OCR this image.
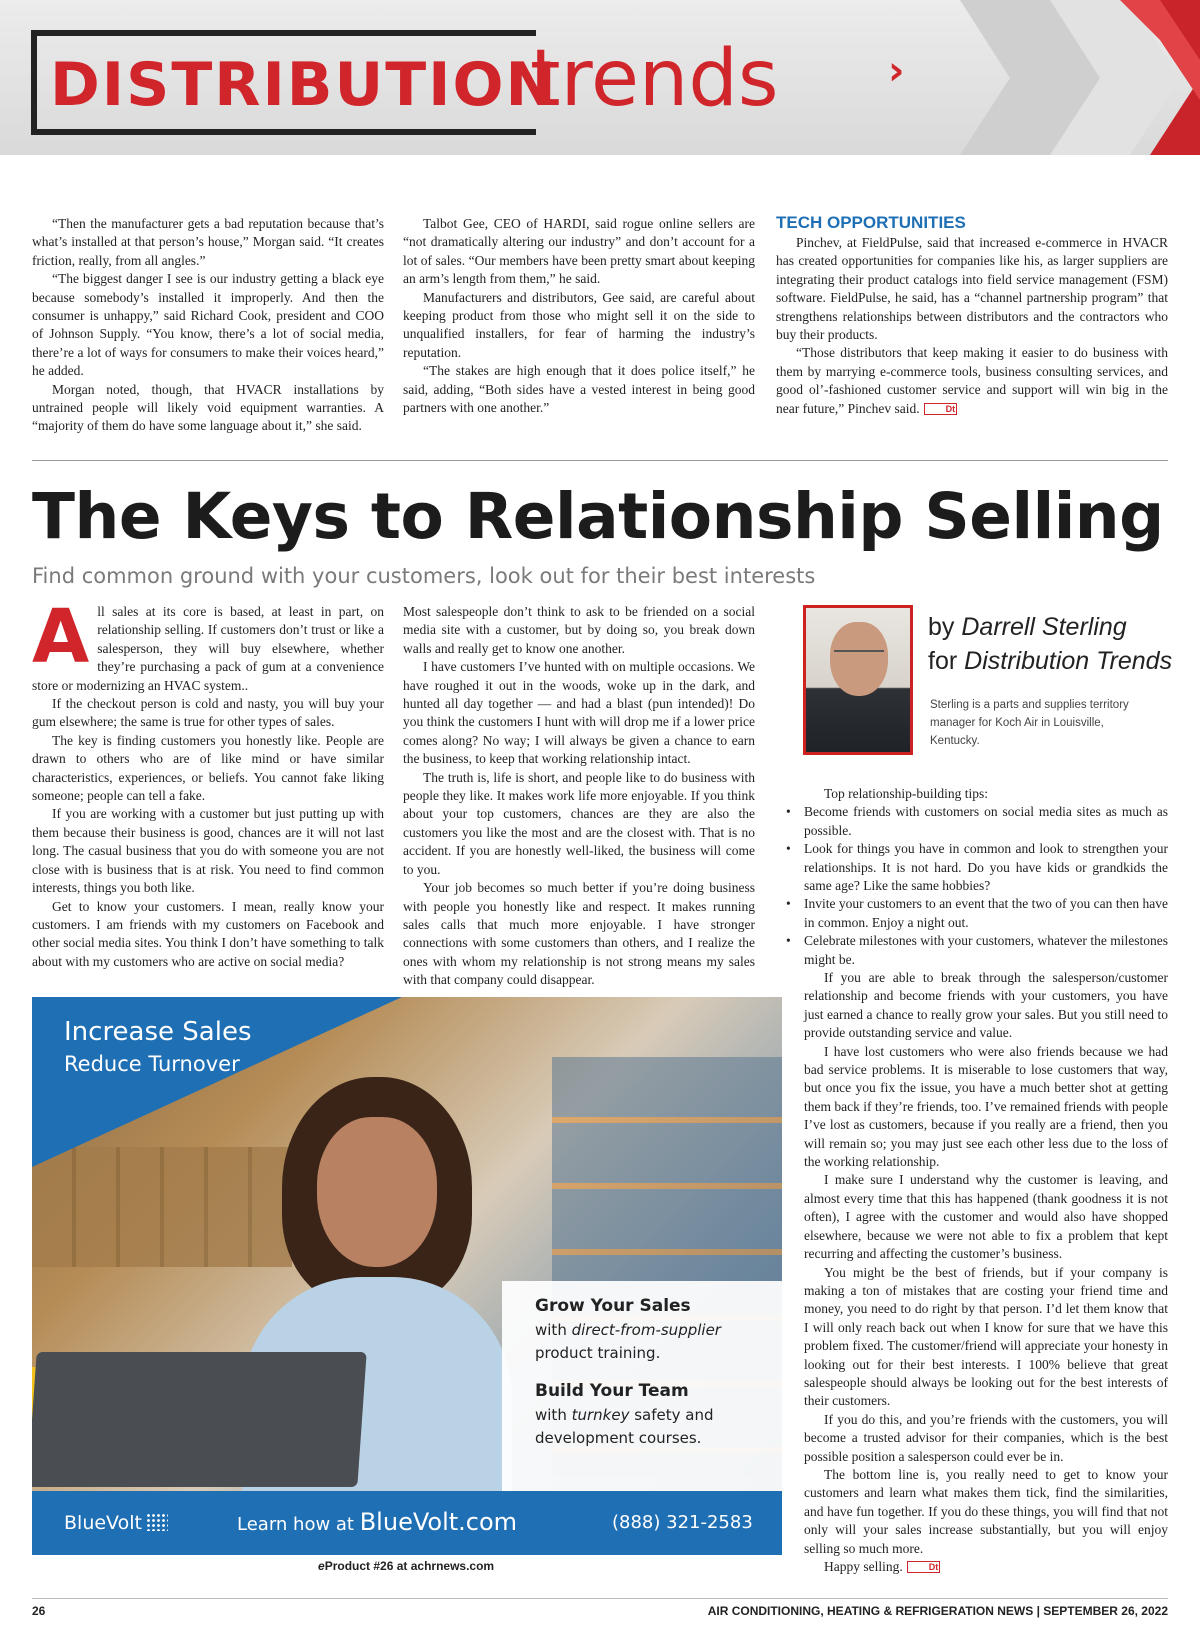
DISTRIBUTION
trends	›

“Then the manufacturer gets a bad reputation because that’s what’s installed at that person’s house,” Morgan said. “It creates friction, really, from all angles.”

“The biggest danger I see is our industry getting a black eye because somebody’s installed it improperly. And then the consumer is unhappy,” said Richard Cook, president and COO of Johnson Supply. “You know, there’s a lot of social media, there’re a lot of ways for consumers to make their voices heard,” he added.

Morgan noted, though, that HVACR installations by untrained people will likely void equipment warranties. A “majority of them do have some language about it,” she said.

Talbot Gee, CEO of HARDI, said rogue online sellers are “not dramatically altering our industry” and don’t account for a lot of sales. “Our members have been pretty smart about keeping an arm’s length from them,” he said.

Manufacturers and distributors, Gee said, are careful about keeping product from those who might sell it on the side to unqualified installers, for fear of harming the industry’s reputation.

“The stakes are high enough that it does police itself,” he said, adding, “Both sides have a vested interest in being good partners with one another.”

TECH OPPORTUNITIES

Pinchev, at FieldPulse, said that increased e-commerce in HVACR has created opportunities for companies like his, as larger suppliers are integrating their product catalogs into field service management (FSM) software. FieldPulse, he said, has a “channel partnership program” that strengthens relationships between distributors and the contractors who buy their products.

“Those distributors that keep making it easier to do business with them by marrying e-commerce tools, business consulting services, and good ol’-fashioned customer service and support will win big in the near future,” Pinchev said.	Dt

The Keys to Relationship Selling
Find common ground with your customers, look out for their best interests

All sales at its core is based, at least in part, on relationship selling. If customers don’t trust or like a salesperson, they will buy elsewhere, whether they’re purchasing a pack of gum at a convenience store or modernizing an HVAC system..

If the checkout person is cold and nasty, you will buy your gum elsewhere; the same is true for other types of sales.

The key is finding customers you honestly like. People are drawn to others who are of like mind or have similar characteristics, experiences, or beliefs. You cannot fake liking someone; people can tell a fake.

If you are working with a customer but just putting up with them because their business is good, chances are it will not last long. The casual business that you do with someone you are not close with is business that is at risk. You need to find common interests, things you both like.

Get to know your customers. I mean, really know your customers. I am friends with my customers on Facebook and other social media sites. You think I don’t have something to talk about with my customers who are active on social media?

Most salespeople don’t think to ask to be friended on a social media site with a customer, but by doing so, you break down walls and really get to know one another.

I have customers I’ve hunted with on multiple occasions. We have roughed it out in the woods, woke up in the dark, and hunted all day together — and had a blast (pun intended)! Do you think the customers I hunt with will drop me if a lower price comes along? No way; I will always be given a chance to earn the business, to keep that working relationship intact.

The truth is, life is short, and people like to do business with people they like. It makes work life more enjoyable. If you think about your top customers, chances are they are also the customers you like the most and are the closest with. That is no accident. If you are honestly well-liked, the business will come to you.

Your job becomes so much better if you’re doing business with people you honestly like and respect. It makes running sales calls that much more enjoyable. I have stronger connections with some customers than others, and I realize the ones with whom my relationship is not strong means my sales with that company could disappear.

by Darrell Sterling
for Distribution Trends
Sterling is a parts and supplies territory manager for Koch Air in Louisville, Kentucky.

Top relationship-building tips:

• Become friends with customers on social media sites as much as possible.
• Look for things you have in common and look to strengthen your relationships. It is not hard. Do you have kids or grandkids the same age? Like the same hobbies?
• Invite your customers to an event that the two of you can then have in common. Enjoy a night out.
• Celebrate milestones with your customers, whatever the milestones might be.

If you are able to break through the salesperson/customer relationship and become friends with your customers, you have just earned a chance to really grow your sales. But you still need to provide outstanding service and value.

I have lost customers who were also friends because we had bad service problems. It is miserable to lose customers that way, but once you fix the issue, you have a much better shot at getting them back if they’re friends, too. I’ve remained friends with people I’ve lost as customers, because if you really are a friend, then you will remain so; you may just see each other less due to the loss of the working relationship.

I make sure I understand why the customer is leaving, and almost every time that this has happened (thank goodness it is not often), I agree with the customer and would also have shopped elsewhere, because we were not able to fix a problem that kept recurring and affecting the customer’s business.

You might be the best of friends, but if your company is making a ton of mistakes that are costing your friend time and money, you need to do right by that person. I’d let them know that I will only reach back out when I know for sure that we have this problem fixed. The customer/friend will appreciate your honesty in looking out for their best interests. I 100% believe that great salespeople should always be looking out for the best interests of their customers.

If you do this, and you’re friends with the customers, you will become a trusted advisor for their companies, which is the best possible position a salesperson could ever be in.

The bottom line is, you really need to get to know your customers and learn what makes them tick, find the similarities, and have fun together. If you do these things, you will find that not only will your sales increase substantially, but you will enjoy selling so much more.

Happy selling.	Dt

Increase Sales
Reduce Turnover
Grow Your Sales
with direct-from-supplier product training.
Build Your Team
with turnkey safety and development courses.
BlueVolt	Learn how at BlueVolt.com	(888) 321-2583
eProduct #26 at achrnews.com
26	AIR CONDITIONING, HEATING & REFRIGERATION NEWS | SEPTEMBER 26, 2022
